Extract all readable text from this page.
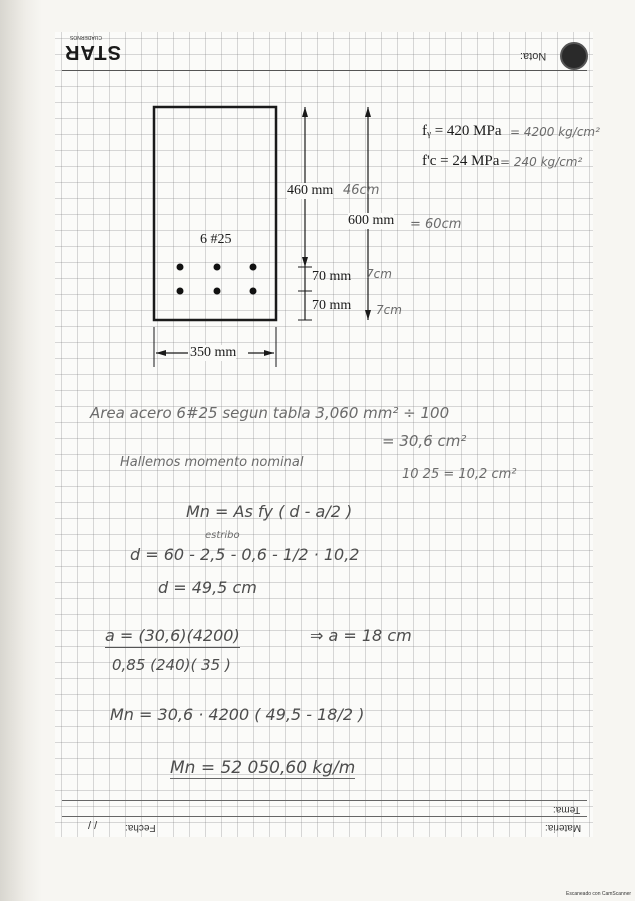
STAR
CUADERNOS
Nota:
6 #25
460 mm 46cm
600 mm = 60cm
70 mm 7cm
70 mm 7cm
350 mm
fᵧ = 420 MPa = 4200 kg/cm²
f'c = 24 MPa = 240 kg/cm²
Area acero 6#25 segun tabla 3,060 mm² ÷ 100
= 30,6 cm²
Hallemos momento nominal
10 25 = 10,2 cm²
Mn = As fy ( d - a/2 )
estribo
d = 60 - 2,5 - 0,6 - 1/2 · 10,2
d = 49,5 cm
a = (30,6)(4200)	⇒ a = 18 cm
0,85 (240)( 35 )
Mn = 30,6 · 4200 ( 49,5 - 18/2 )
Mn = 52 050,60 kg/m
Tema:
Materia:
Fecha:
/ /
Escaneado con CamScanner
